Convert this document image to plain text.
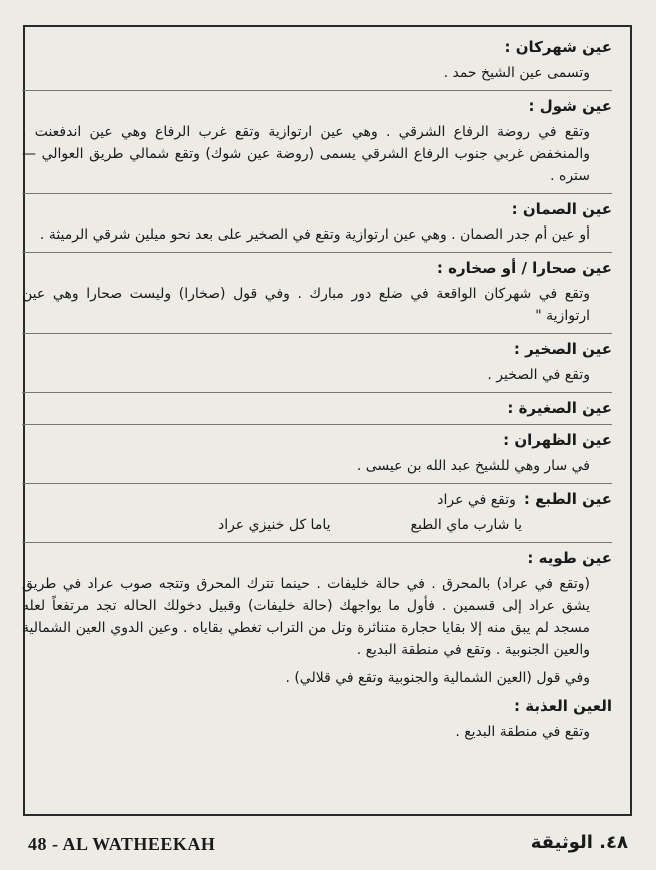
عين شهركان :

وتسمى عين الشيخ حمد .

عين شول :

وتقع في روضة الرفاع الشرقي . وهي عين ارتوازية وتقع غرب الرفاع وهي عين اندفعنت . والمنخفض غربي جنوب الرفاع الشرقي يسمى (روضة عين شوك) وتقع شمالي طريق العوالي — ستره .

عين الصمان :

أو عين أم جدر الصمان . وهي عين ارتوازية وتقع في الصخير على بعد نحو ميلين شرقي الرميثة .

عين صحارا / أو صخاره :

وتقع في شهركان الواقعة في ضلع دور مبارك . وفي قول (صخارا) وليست صحارا وهي عين ارتوازية "

عين الصخير :

وتقع في الصخير .

عين الصغيرة :

عين الظهران :

في سار وهي للشيخ عبد الله بن عيسى .

عين الطبع :
وتقع في عراد
يا شارب ماي الطبع
ياما كل خنيزي عراد

عين طويه :

(وتقع في عراد) بالمحرق . في حالة خليفات . حينما تترك المحرق وتتجه صوب عراد في طريق يشق عراد إلى قسمين . فأول ما يواجهك (حالة خليفات) وقبيل دخولك الحاله تجد مرتفعاً لعله مسجد لم يبق منه إلا بقايا حجارة متناثرة وتل من التراب تغطي بقاياه . وعين الدوي العين الشمالية والعين الجنوبية . وتقع في منطقة البديع .

وفي قول (العين الشمالية والجنوبية وتقع في قلالي) .

العين العذبة :

وتقع في منطقة البديع .

48 - AL WATHEEKAH	٤٨. الوثيقة
